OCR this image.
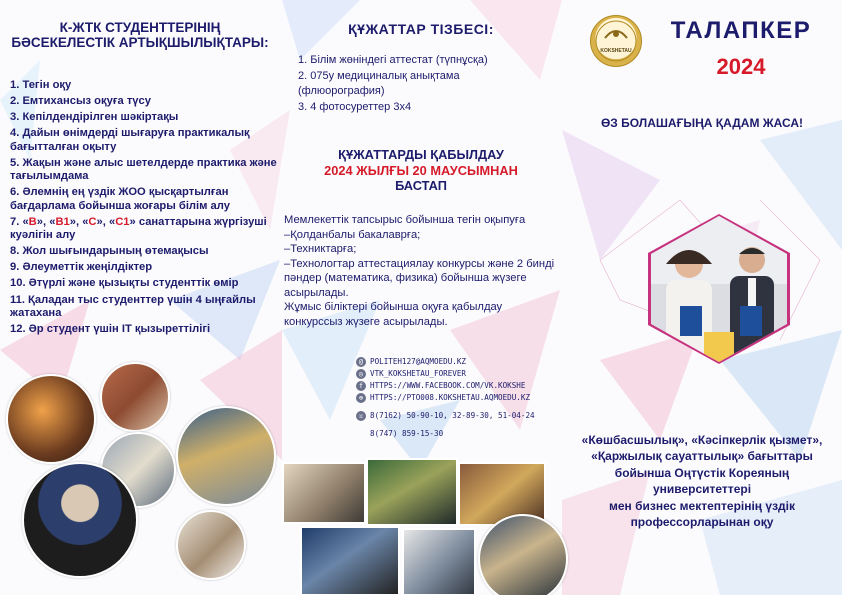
К-ЖТК СТУДЕНТТЕРІНІҢ БӘСЕКЕЛЕСТІК АРТЫҚШЫЛЫҚТАРЫ:
1. Тегін оқу
2. Емтихансыз оқуға түсу
3. Кепілдендірілген шәкіртақы
4. Дайын өнімдерді шығаруға практикалық бағытталған оқыту
5. Жақын және алыс шетелдерде практика және тағылымдама
6. Әлемнің ең үздік ЖОО қысқартылған бағдарлама бойынша жоғары білім алу
7. «B», «B1», «C», «C1» санаттарына жүргізуші куәлігін алу
8. Жол шығындарының өтемақысы
9. Әлеуметтік жеңілдіктер
10. Әтүрлі және қызықты студенттік өмір
11. Қаладан тыс студенттер үшін 4 ыңғайлы жатахана
12. Әр студент үшін IT қызыреттілігі
ҚҰЖАТТАР ТІЗБЕСІ:
1. Білім жөніндегі аттестат (түпнұсқа)
2. 075у медициналық анықтама (флюорография)
3. 4 фотосуреттер 3х4
ҚҰЖАТТАРДЫ ҚАБЫЛДАУ
2024 ЖЫЛҒЫ 20 МАУСЫМНАН
БАСТАП
Мемлекеттік тапсырыс бойынша тегін оқыпуға
–Қолданбалы бакалаврға;
–Техниктарға;
–Технологтар аттестациялау конкурсы және 2 бинді пәндер (математика, физика) бойынша жүзеге асырылады.
Жұмыс біліктері бойынша оқуға қабылдау конкурссыз жүзеге асырылады.
@ POLITEH127@AQMOEDU.KZ
◎ VTK_KOKSHETAU_FOREVER
f HTTPS://WWW.FACEBOOK.COM/VK.KOKSHE
⊕ HTTPS://PTO008.KOKSHETAU.AQMOEDU.KZ
☏ 8(7162) 50-90-10, 32-89-30, 51-04-24
8(747) 859-15-30
KOKSHETAU
ТАЛАПКЕР
2024
ӨЗ БОЛАШАҒЫҢА ҚАДАМ ЖАСА!
«Көшбасшылық», «Кәсіпкерлік қызмет»,
«Қаржылық сауаттылық» бағыттары
бойынша Оңтүстік Кореяның
университеттері
мен бизнес мектептерінің үздік
профессорларынан оқу
